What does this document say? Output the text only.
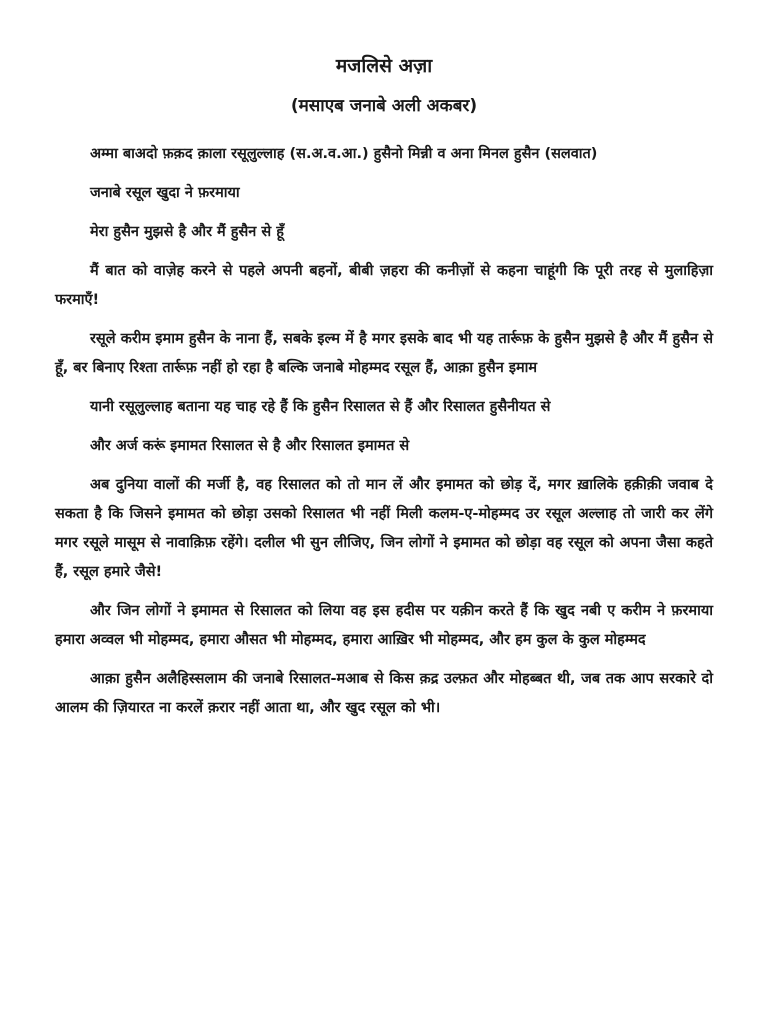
मजलिसे अज़ा
(मसाएब जनाबे अली अकबर)

अम्मा बाअदो फ़क़द क़ाला रसूलुल्लाह (स.अ.व.आ.) हुसैनो मिन्नी व अना मिनल हुसैन (सलवात)

जनाबे रसूल खुदा ने फ़रमाया

मेरा हुसैन मुझसे है और मैं हुसैन से हूँ

मैं बात को वाज़ेह करने से पहले अपनी बहनों, बीबी ज़हरा की कनीज़ों से कहना चाहूंगी कि पूरी तरह से मुलाहिज़ा फरमाएँ!

रसूले करीम इमाम हुसैन के नाना हैं, सबके इल्म में है मगर इसके बाद भी यह तार्रूफ़ के हुसैन मुझसे है और मैं हुसैन से हूँ, बर बिनाए रिश्ता तार्रूफ़ नहीं हो रहा है बल्कि जनाबे मोहम्मद रसूल हैं, आक़ा हुसैन इमाम

यानी रसूलुल्लाह बताना यह चाह रहे हैं कि हुसैन रिसालत से हैं और रिसालत हुसैनीयत से

और अर्ज करूं इमामत रिसालत से है और रिसालत इमामत से

अब दुनिया वालों की मर्जी है, वह रिसालत को तो मान लें और इमामत को छोड़ दें, मगर ख़ालिके हक़ीक़ी जवाब दे सकता है कि जिसने इमामत को छोड़ा उसको रिसालत भी नहीं मिली कलम-ए-मोहम्मद उर रसूल अल्लाह तो जारी कर लेंगे मगर रसूले मासूम से नावाक़िफ़ रहेंगे। दलील भी सुन लीजिए, जिन लोगों ने इमामत को छोड़ा वह रसूल को अपना जैसा कहते हैं, रसूल हमारे जैसे!

और जिन लोगों ने इमामत से रिसालत को लिया वह इस हदीस पर यक़ीन करते हैं कि खुद नबी ए करीम ने फ़रमाया हमारा अव्वल भी मोहम्मद, हमारा औसत भी मोहम्मद, हमारा आख़िर भी मोहम्मद, और हम कुल के कुल मोहम्मद

आक़ा हुसैन अलैहिस्सलाम की जनाबे रिसालत-मआब से किस क़द्र उल्फ़त और मोहब्बत थी, जब तक आप सरकारे दो आलम की ज़ियारत ना करलें क़रार नहीं आता था, और खुद रसूल को भी।
